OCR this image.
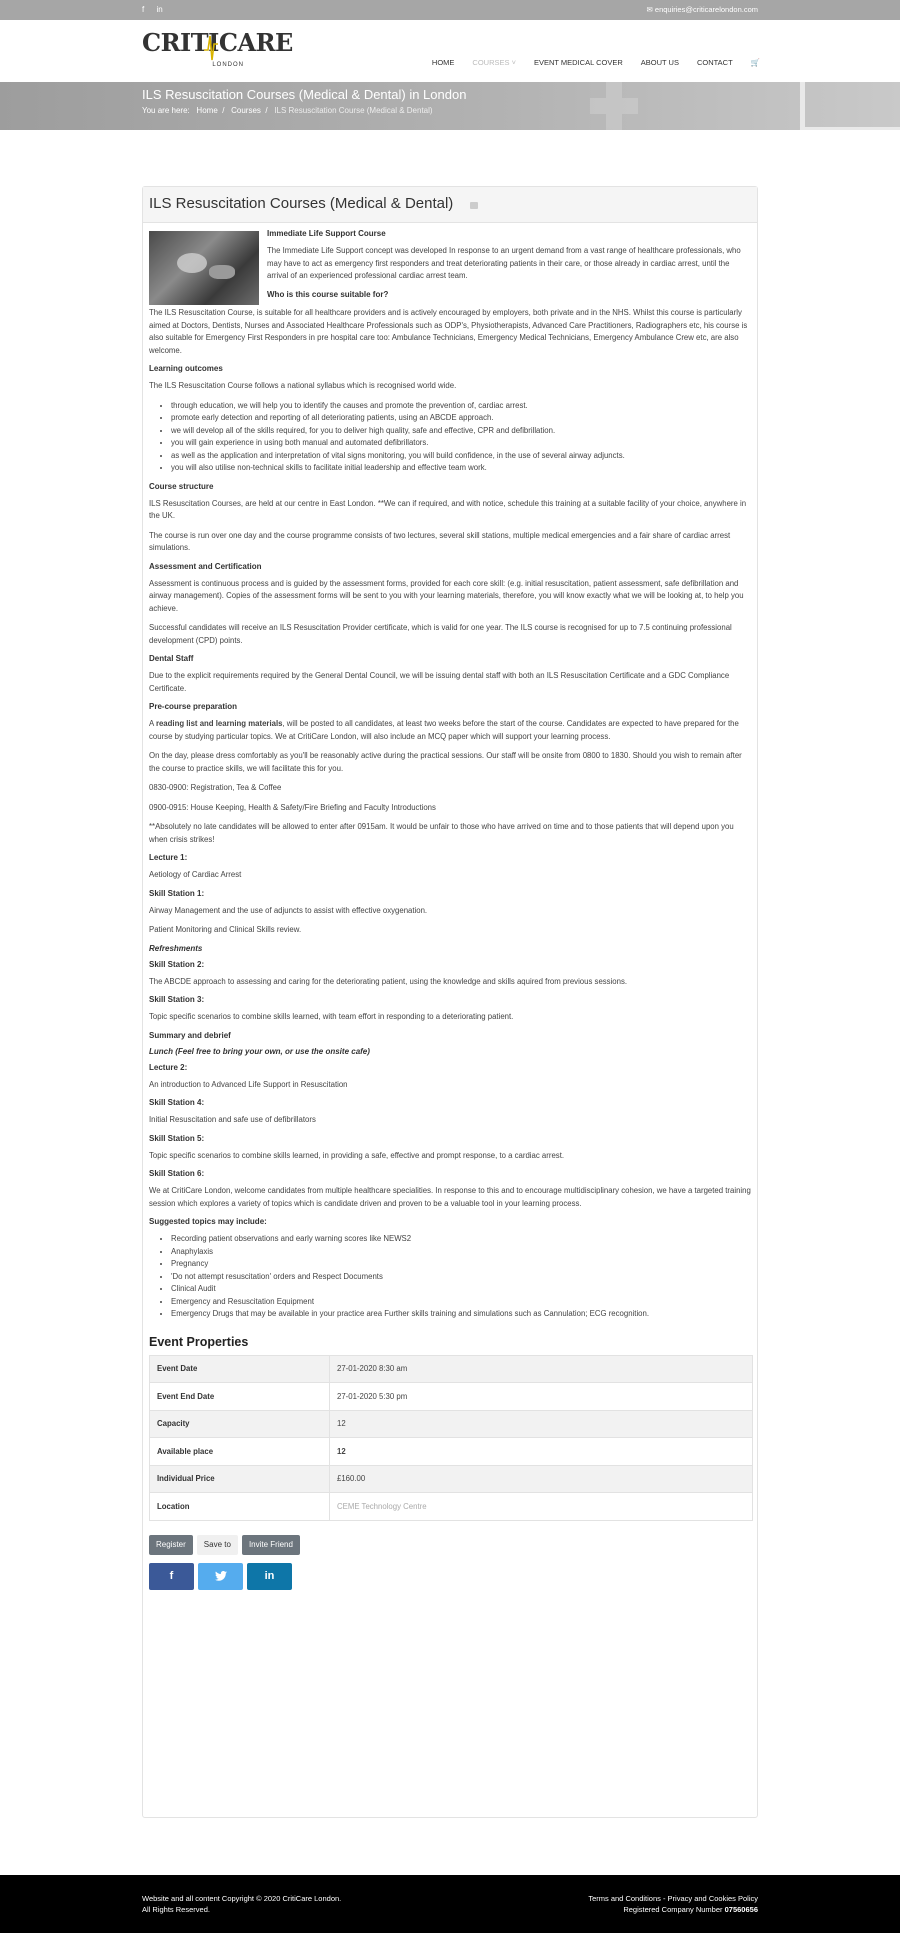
f in	✉ enquiries@criticarelondon.com
CRITICARE
LONDON	HOME COURSES ˅ EVENT MEDICAL COVER ABOUT US CONTACT 🛒
ILS Resuscitation Courses (Medical & Dental) in London
You are here: Home / Courses / ILS Resuscitation Course (Medical & Dental)
ILS Resuscitation Courses (Medical & Dental)
Immediate Life Support Course

The Immediate Life Support concept was developed In response to an urgent demand from a vast range of healthcare professionals, who may have to act as emergency first responders and treat deteriorating patients in their care, or those already in cardiac arrest, until the arrival of an experienced professional cardiac arrest team.

Who is this course suitable for?

The ILS Resuscitation Course, is suitable for all healthcare providers and is actively encouraged by employers, both private and in the NHS. Whilst this course is particularly aimed at Doctors, Dentists, Nurses and Associated Healthcare Professionals such as ODP's, Physiotherapists, Advanced Care Practitioners, Radiographers etc, his course is also suitable for Emergency First Responders in pre hospital care too: Ambulance Technicians, Emergency Medical Technicians, Emergency Ambulance Crew etc, are also welcome.

Learning outcomes

The ILS Resuscitation Course follows a national syllabus which is recognised world wide.

• through education, we will help you to identify the causes and promote the prevention of, cardiac arrest.
• promote early detection and reporting of all deteriorating patients, using an ABCDE approach.
• we will develop all of the skills required, for you to deliver high quality, safe and effective, CPR and defibrillation.
• you will gain experience in using both manual and automated defibrillators.
• as well as the application and interpretation of vital signs monitoring, you will build confidence, in the use of several airway adjuncts.
• you will also utilise non-technical skills to facilitate initial leadership and effective team work.
Course structure

ILS Resuscitation Courses, are held at our centre in East London. **We can if required, and with notice, schedule this training at a suitable facility of your choice, anywhere in the UK.

The course is run over one day and the course programme consists of two lectures, several skill stations, multiple medical emergencies and a fair share of cardiac arrest simulations.

Assessment and Certification

Assessment is continuous process and is guided by the assessment forms, provided for each core skill: (e.g. initial resuscitation, patient assessment, safe defibrillation and airway management). Copies of the assessment forms will be sent to you with your learning materials, therefore, you will know exactly what we will be looking at, to help you achieve.

Successful candidates will receive an ILS Resuscitation Provider certificate, which is valid for one year. The ILS course is recognised for up to 7.5 continuing professional development (CPD) points.

Dental Staff

Due to the explicit requirements required by the General Dental Council, we will be issuing dental staff with both an ILS Resuscitation Certificate and a GDC Compliance Certificate.

Pre-course preparation

A reading list and learning materials, will be posted to all candidates, at least two weeks before the start of the course. Candidates are expected to have prepared for the course by studying particular topics. We at CritiCare London, will also include an MCQ paper which will support your learning process.

On the day, please dress comfortably as you'll be reasonably active during the practical sessions. Our staff will be onsite from 0800 to 1830. Should you wish to remain after the course to practice skills, we will facilitate this for you.

0830-0900: Registration, Tea & Coffee

0900-0915: House Keeping, Health & Safety/Fire Briefing and Faculty Introductions

**Absolutely no late candidates will be allowed to enter after 0915am. It would be unfair to those who have arrived on time and to those patients that will depend upon you when crisis strikes!

Lecture 1:

Aetiology of Cardiac Arrest

Skill Station 1:

Airway Management and the use of adjuncts to assist with effective oxygenation.

Patient Monitoring and Clinical Skills review.

Refreshments
Skill Station 2:

The ABCDE approach to assessing and caring for the deteriorating patient, using the knowledge and skills aquired from previous sessions.

Skill Station 3:

Topic specific scenarios to combine skills learned, with team effort in responding to a deteriorating patient.

Summary and debrief
Lunch (Feel free to bring your own, or use the onsite cafe)
Lecture 2:

An introduction to Advanced Life Support in Resuscitation

Skill Station 4:

Initial Resuscitation and safe use of defibrillators

Skill Station 5:

Topic specific scenarios to combine skills learned, in providing a safe, effective and prompt response, to a cardiac arrest.

Skill Station 6:

We at CritiCare London, welcome candidates from multiple healthcare specialities. In response to this and to encourage multidisciplinary cohesion, we have a targeted training session which explores a variety of topics which is candidate driven and proven to be a valuable tool in your learning process.

Suggested topics may include:
• Recording patient observations and early warning scores like NEWS2
• Anaphylaxis
• Pregnancy
• 'Do not attempt resuscitation' orders and Respect Documents
• Clinical Audit
• Emergency and Resuscitation Equipment
• Emergency Drugs that may be available in your practice area Further skills training and simulations such as Cannulation; ECG recognition.
Event Properties
Event Date	27-01-2020 8:30 am
Event End Date	27-01-2020 5:30 pm
Capacity	12
Available place	12
Individual Price	£160.00
Location	CEME Technology Centre
Register	Save to	Invite Friend
f	in
Website and all content Copyright © 2020 CritiCare London.
All Rights Reserved.
Terms and Conditions - Privacy and Cookies Policy
Registered Company Number 07560656
